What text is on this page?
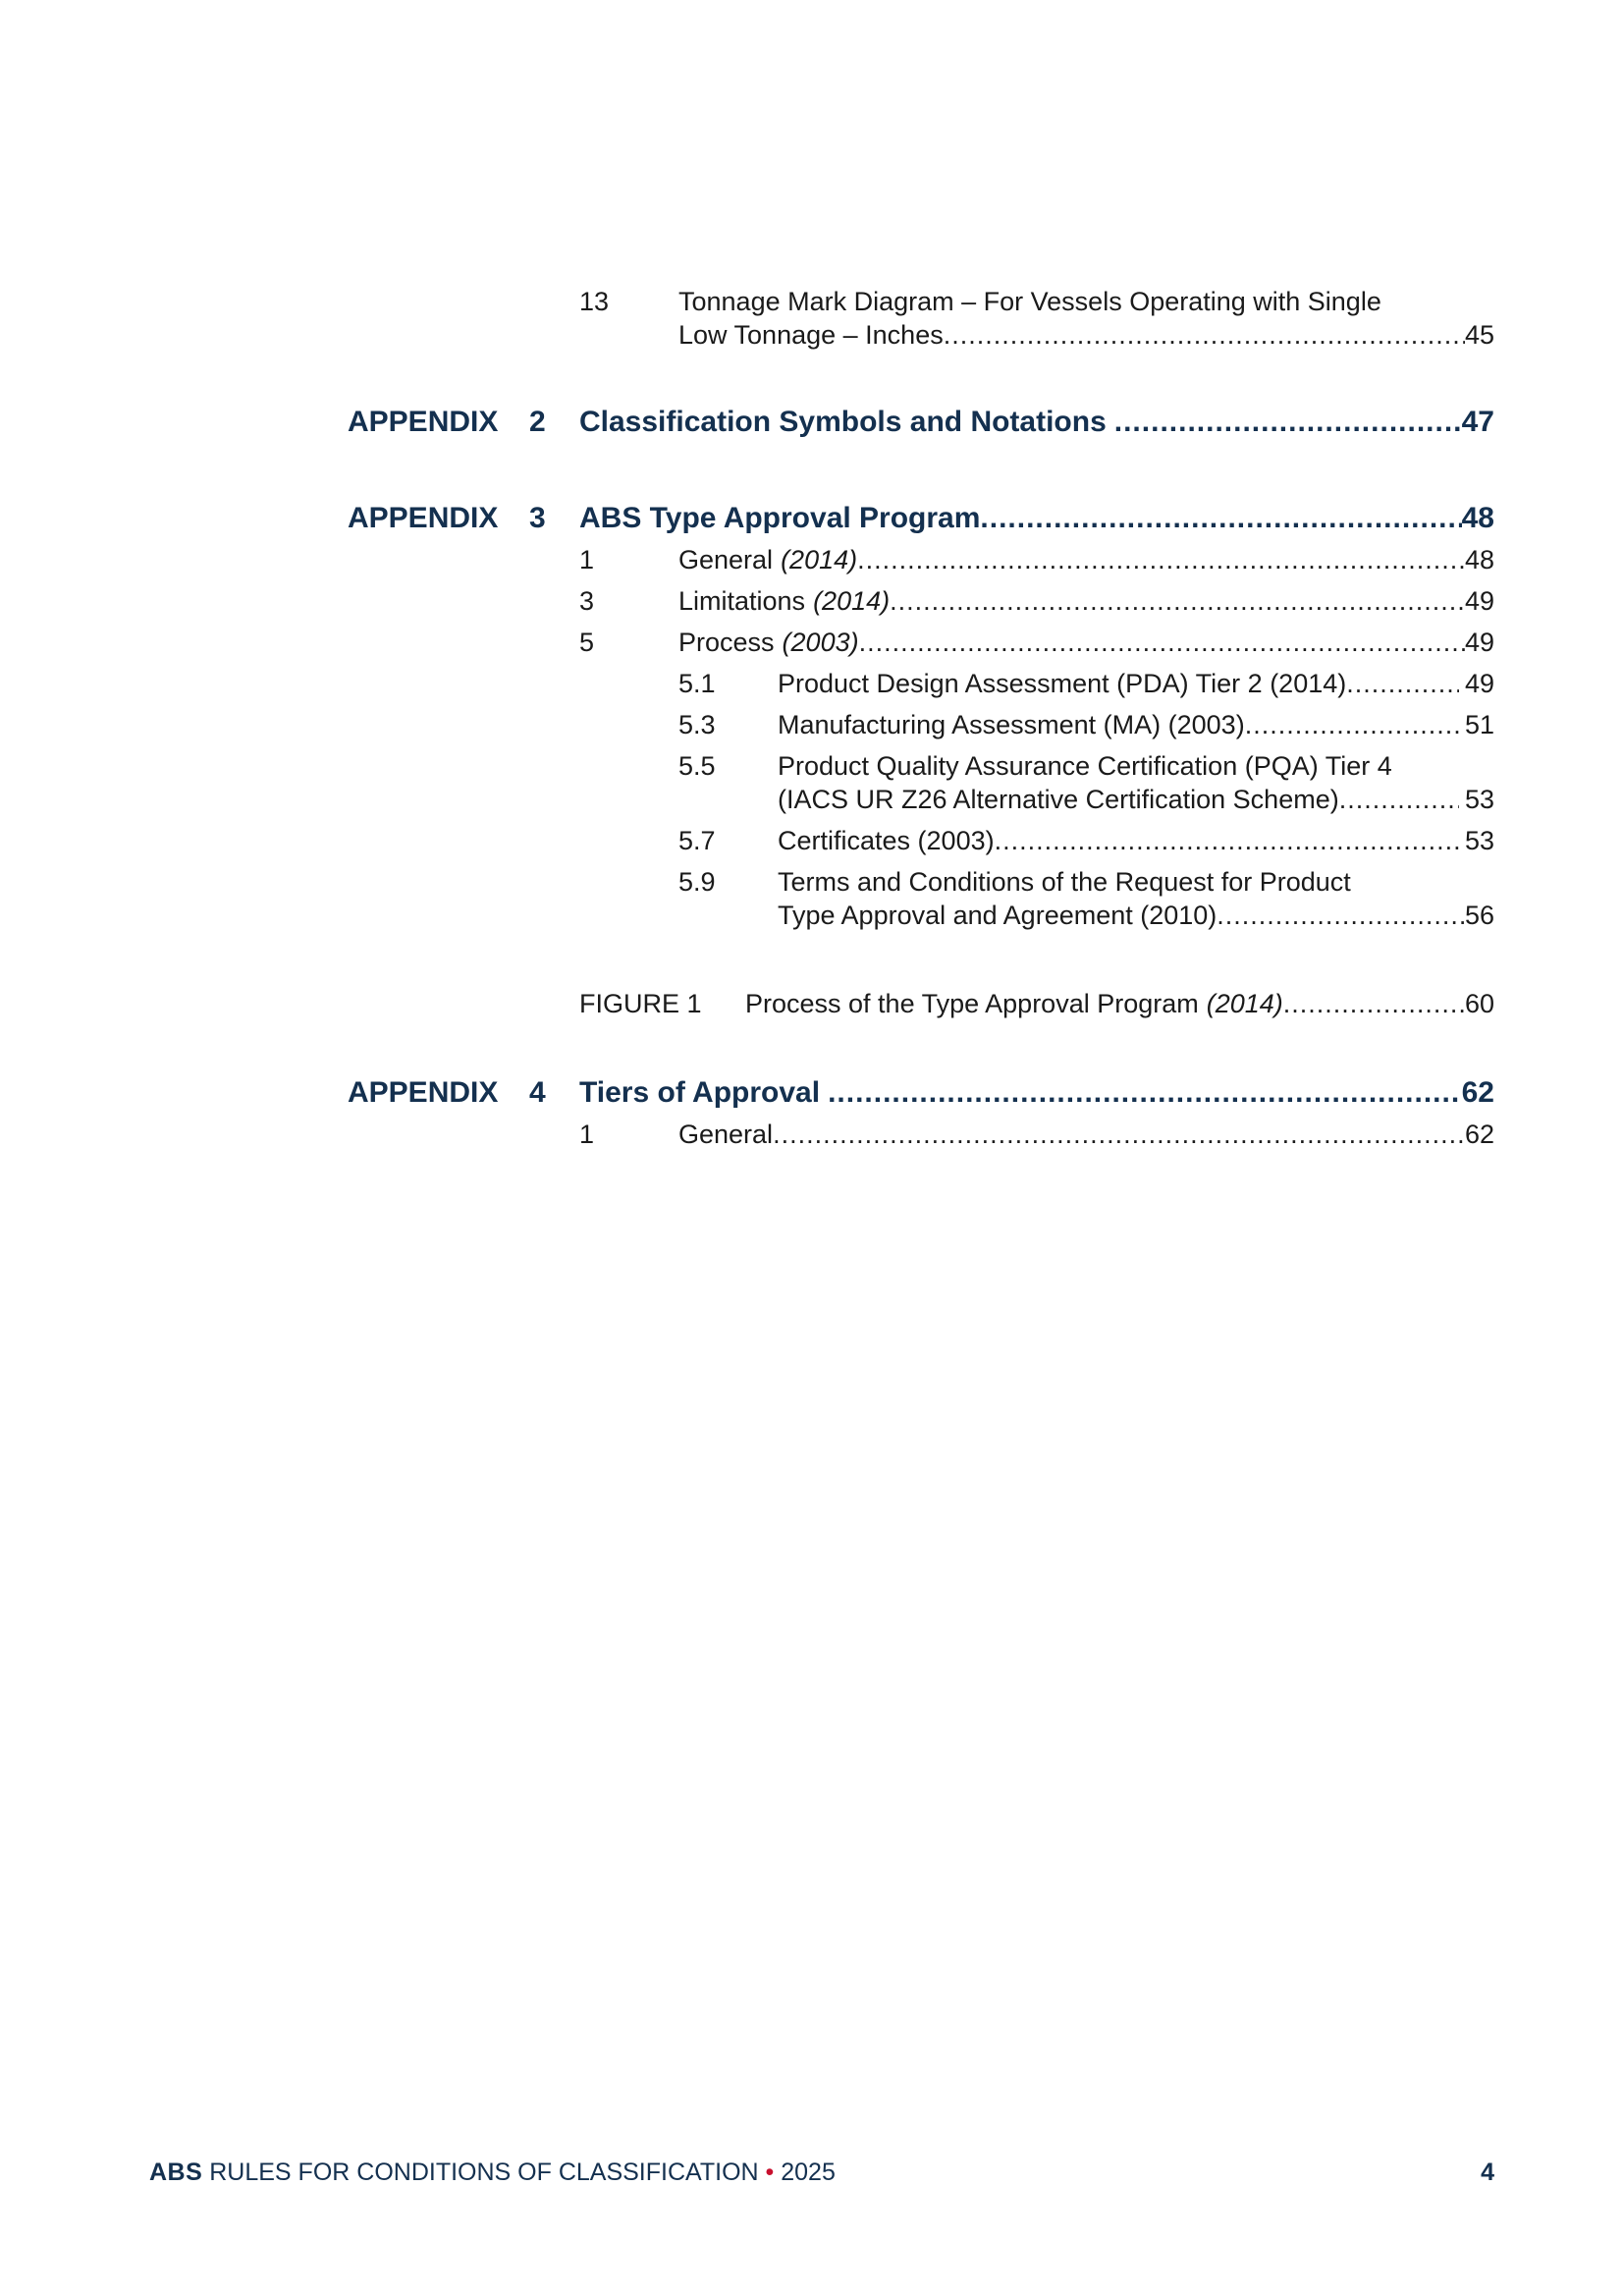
13	Tonnage Mark Diagram – For Vessels Operating with Single
Low Tonnage – Inches .....	45
APPENDIX 2 Classification Symbols and Notations .....	47
APPENDIX 3 ABS Type Approval Program .....	48
1	General (2014) .....	48
3	Limitations (2014) .....	49
5	Process (2003) .....	49
5.1 Product Design Assessment (PDA) Tier 2 (2014) .....	49
5.3 Manufacturing Assessment (MA) (2003) .....	51
5.5 Product Quality Assurance Certification (PQA) Tier 4
(IACS UR Z26 Alternative Certification Scheme) .....	53
5.7 Certificates (2003) .....	53
5.9 Terms and Conditions of the Request for Product
Type Approval and Agreement (2010) .....	56
FIGURE 1 Process of the Type Approval Program (2014) .....	60
APPENDIX 4 Tiers of Approval .....	62
1	General .....	62
ABS RULES FOR CONDITIONS OF CLASSIFICATION • 2025	4
